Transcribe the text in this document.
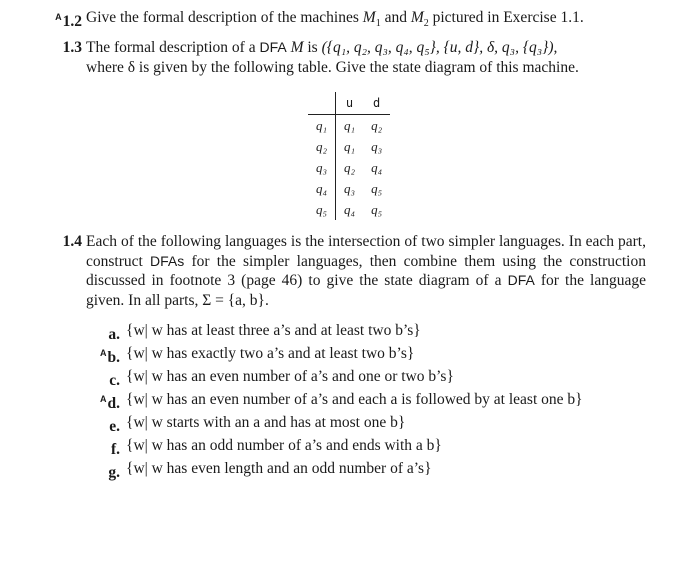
$^A$1.2 Give the formal description of the machines $M_1$ and $M_2$ pictured in Exercise 1.1.
1.3 The formal description of a DFA M is ({q₁, q₂, q₃, q₄, q₅}, {u, d}, δ, q₃, {q₃}),
where δ is given by the following table. Give the state diagram of this machine.
	u	d
q₁	q₁	q₂
q₂	q₁	q₃
q₃	q₂	q₄
q₄	q₃	q₅
q₅	q₄	q₅
1.4 Each of the following languages is the intersection of two simpler languages. In each part, construct DFAs for the simpler languages, then combine them using the construction discussed in footnote 3 (page 46) to give the state diagram of a DFA for the language given. In all parts, Σ = {a, b}.
a. {w| w has at least three a’s and at least two b’s}
$^A$b. {w| w has exactly two a’s and at least two b’s}
c. {w| w has an even number of a’s and one or two b’s}
$^A$d. {w| w has an even number of a’s and each a is followed by at least one b}
e. {w| w starts with an a and has at most one b}
f. {w| w has an odd number of a’s and ends with a b}
g. {w| w has even length and an odd number of a’s}
